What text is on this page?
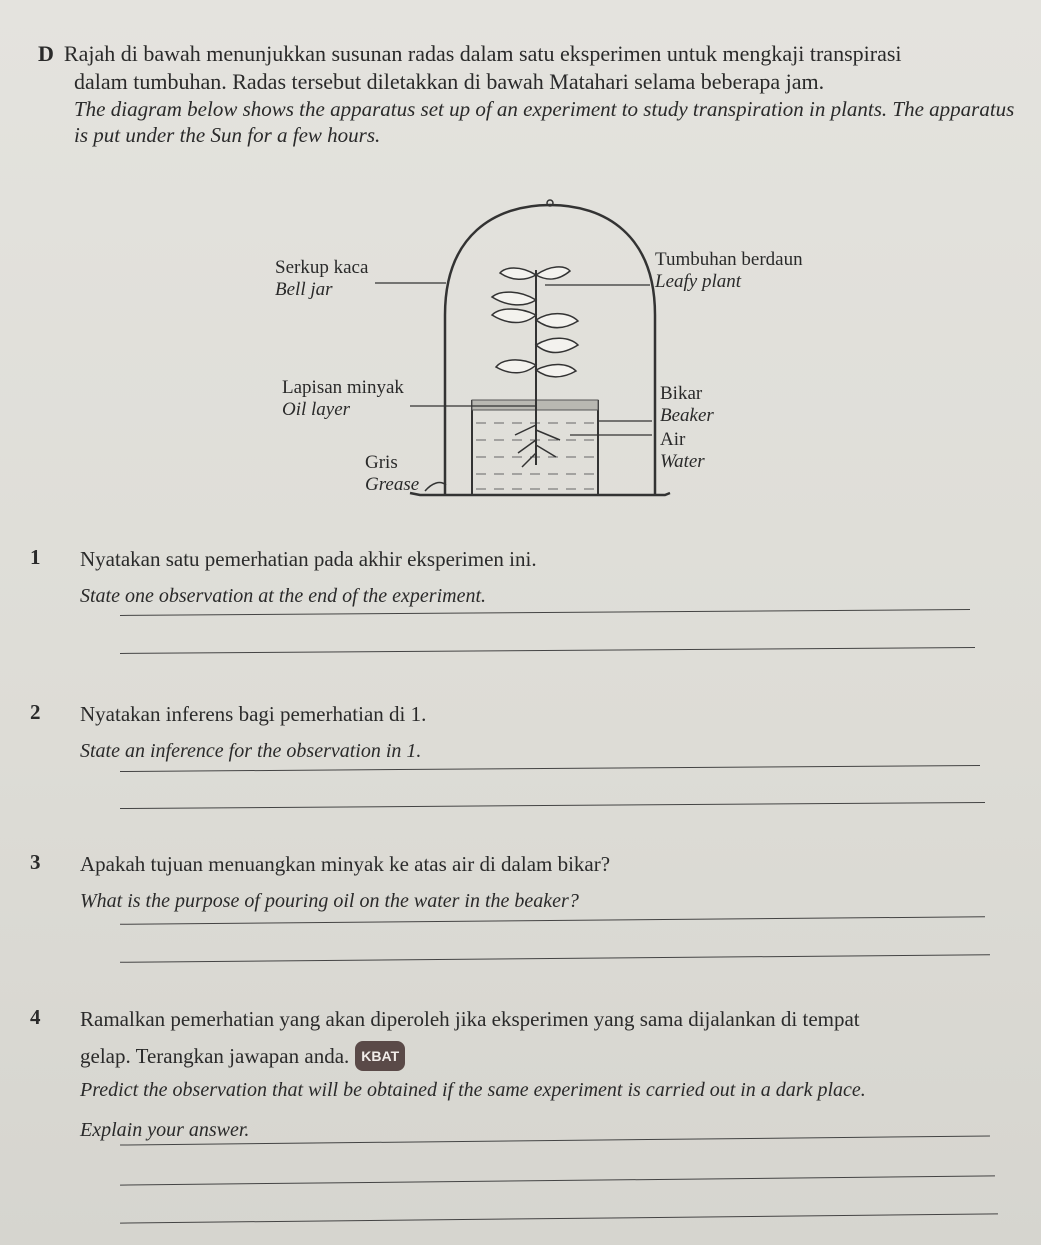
D Rajah di bawah menunjukkan susunan radas dalam satu eksperimen untuk mengkaji transpirasi
dalam tumbuhan. Radas tersebut diletakkan di bawah Matahari selama beberapa jam.
The diagram below shows the apparatus set up of an experiment to study transpiration in plants. The apparatus
is put under the Sun for a few hours.
Serkup kaca
Bell jar
Lapisan minyak
Oil layer
Gris
Grease
Tumbuhan berdaun
Leafy plant
Bikar
Beaker
Air
Water
1 Nyatakan satu pemerhatian pada akhir eksperimen ini.
State one observation at the end of the experiment.
2 Nyatakan inferens bagi pemerhatian di 1.
State an inference for the observation in 1.
3 Apakah tujuan menuangkan minyak ke atas air di dalam bikar?
What is the purpose of pouring oil on the water in the beaker?
4 Ramalkan pemerhatian yang akan diperoleh jika eksperimen yang sama dijalankan di tempat
gelap. Terangkan jawapan anda. KBAT
Predict the observation that will be obtained if the same experiment is carried out in a dark place.
Explain your answer.
